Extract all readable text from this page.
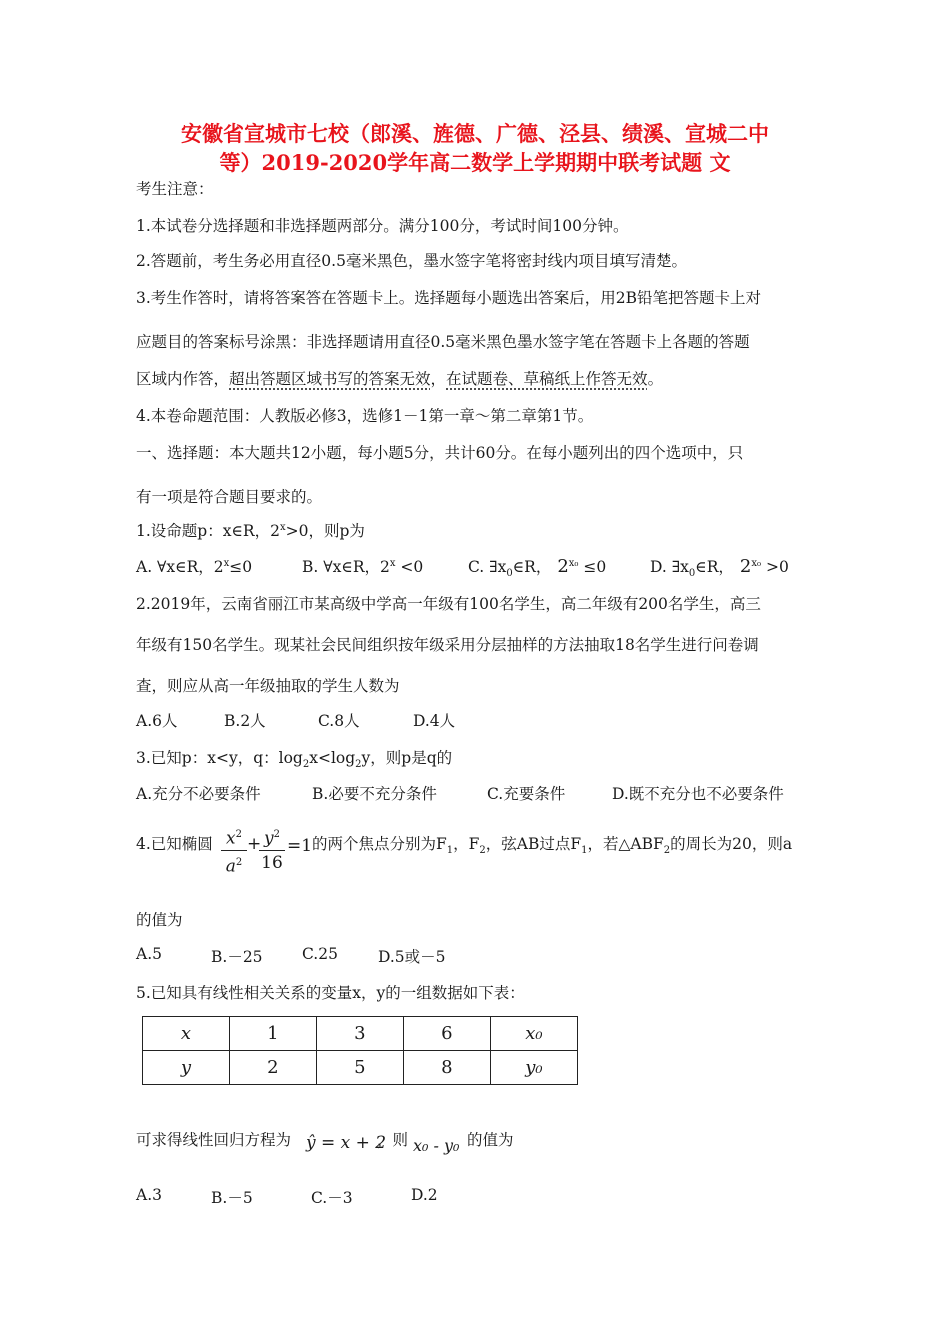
安徽省宣城市七校（郎溪、旌德、广德、泾县、绩溪、宣城二中
等）2019-2020学年高二数学上学期期中联考试题 文
考生注意：
1.本试卷分选择题和非选择题两部分。满分100分，考试时间100分钟。
2.答题前，考生务必用直径0.5毫米黑色，墨水签字笔将密封线内项目填写清楚。
3.考生作答时，请将答案答在答题卡上。选择题每小题选出答案后，用2B铅笔把答题卡上对
应题目的答案标号涂黑：非选择题请用直径0.5毫米黑色墨水签字笔在答题卡上各题的答题
区域内作答，超出答题区域书写的答案无效，在试题卷、草稿纸上作答无效。
4.本卷命题范围：人教版必修3，选修1－1第一章～第二章第1节。
一、选择题：本大题共12小题，每小题5分，共计60分。在每小题列出的四个选项中，只
有一项是符合题目要求的。
1.设命题p：x∈R，$2^x>0$，则p为
A. ∀x∈R，$2^x\le 0$	B. ∀x∈R，$2^x <0$	C. $\exists x_0\in R$， $2^{x_0} \le 0$	D. $\exists x_0\in R$， $2^{x_0} >0$
2.2019年，云南省丽江市某高级中学高一年级有100名学生，高二年级有200名学生，高三
年级有150名学生。现某社会民间组织按年级采用分层抽样的方法抽取18名学生进行问卷调
查，则应从高一年级抽取的学生人数为
A.6人	B.2人	C.8人	D.4人
3.已知p：x<y，q：$\log_2x<\log_2y$，则p是q的
A.充分不必要条件	B.必要不充分条件	C.充要条件	D.既不充分也不必要条件
4.已知椭圆 $\frac{x^2}{a^2}$ +
$\frac{y^2}{16} =1$ 的两个焦点分别为$F_1$，$F_2$，弦AB过点$F_1$，若$\triangle ABF_2$的周长为20，则a
的值为
A.5	B.－25	C.25	D.5或－5
5.已知具有线性相关关系的变量x，y的一组数据如下表：
x	1	3	6	x₀
y	2	5	8	y₀
可求得线性回归方程为 ŷ = x + 2
，则 x₀ - y₀ 的值为
A.3	B.－5	C.－3	D.2
